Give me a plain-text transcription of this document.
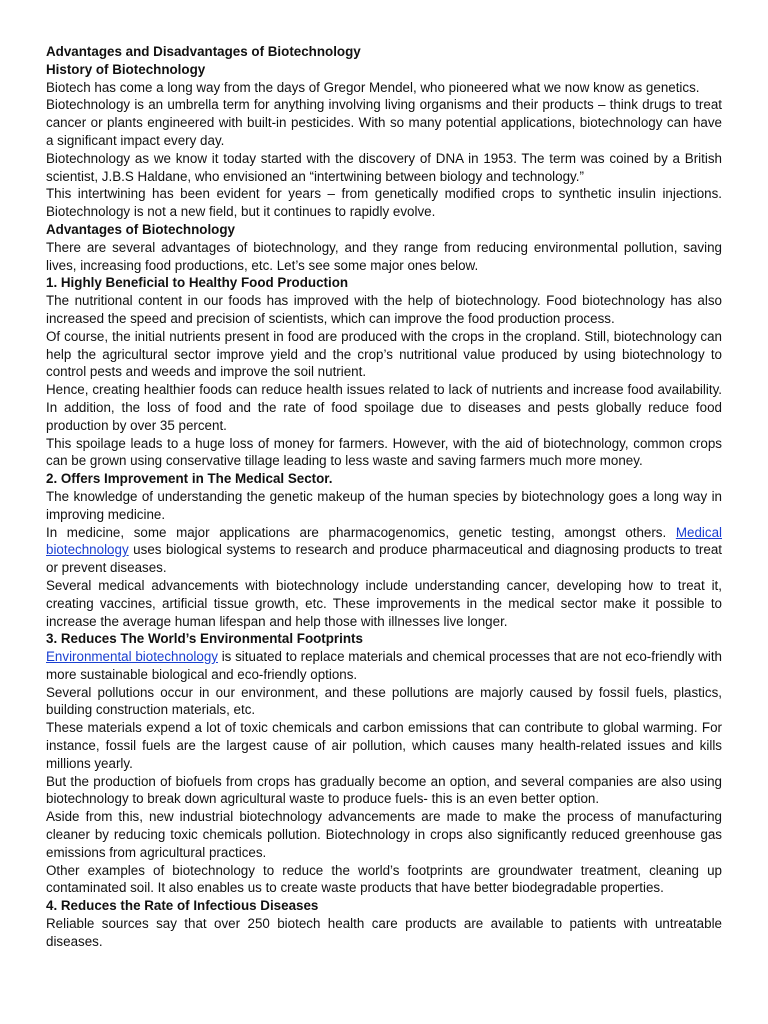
Advantages and Disadvantages of Biotechnology
History of Biotechnology

Biotech has come a long way from the days of Gregor Mendel, who pioneered what we now know as genetics.

Biotechnology is an umbrella term for anything involving living organisms and their products – think drugs to treat cancer or plants engineered with built-in pesticides. With so many potential applications, biotechnology can have a significant impact every day.

Biotechnology as we know it today started with the discovery of DNA in 1953. The term was coined by a British scientist, J.B.S Haldane, who envisioned an “intertwining between biology and technology.”

This intertwining has been evident for years – from genetically modified crops to synthetic insulin injections. Biotechnology is not a new field, but it continues to rapidly evolve.

Advantages of Biotechnology

There are several advantages of biotechnology, and they range from reducing environmental pollution, saving lives, increasing food productions, etc. Let’s see some major ones below.

1. Highly Beneficial to Healthy Food Production

The nutritional content in our foods has improved with the help of biotechnology. Food biotechnology has also increased the speed and precision of scientists, which can improve the food production process.

Of course, the initial nutrients present in food are produced with the crops in the cropland. Still, biotechnology can help the agricultural sector improve yield and the crop’s nutritional value produced by using biotechnology to control pests and weeds and improve the soil nutrient.

Hence, creating healthier foods can reduce health issues related to lack of nutrients and increase food availability. In addition, the loss of food and the rate of food spoilage due to diseases and pests globally reduce food production by over 35 percent.

This spoilage leads to a huge loss of money for farmers. However, with the aid of biotechnology, common crops can be grown using conservative tillage leading to less waste and saving farmers much more money.

2. Offers Improvement in The Medical Sector.

The knowledge of understanding the genetic makeup of the human species by biotechnology goes a long way in improving medicine.

In medicine, some major applications are pharmacogenomics, genetic testing, amongst others. Medical biotechnology uses biological systems to research and produce pharmaceutical and diagnosing products to treat or prevent diseases.

Several medical advancements with biotechnology include understanding cancer, developing how to treat it, creating vaccines, artificial tissue growth, etc. These improvements in the medical sector make it possible to increase the average human lifespan and help those with illnesses live longer.

3. Reduces The World’s Environmental Footprints

Environmental biotechnology is situated to replace materials and chemical processes that are not eco-friendly with more sustainable biological and eco-friendly options.

Several pollutions occur in our environment, and these pollutions are majorly caused by fossil fuels, plastics, building construction materials, etc.

These materials expend a lot of toxic chemicals and carbon emissions that can contribute to global warming. For instance, fossil fuels are the largest cause of air pollution, which causes many health-related issues and kills millions yearly.

But the production of biofuels from crops has gradually become an option, and several companies are also using biotechnology to break down agricultural waste to produce fuels- this is an even better option.

Aside from this, new industrial biotechnology advancements are made to make the process of manufacturing cleaner by reducing toxic chemicals pollution. Biotechnology in crops also significantly reduced greenhouse gas emissions from agricultural practices.

Other examples of biotechnology to reduce the world’s footprints are groundwater treatment, cleaning up contaminated soil. It also enables us to create waste products that have better biodegradable properties.

4. Reduces the Rate of Infectious Diseases

Reliable sources say that over 250 biotech health care products are available to patients with untreatable diseases.
